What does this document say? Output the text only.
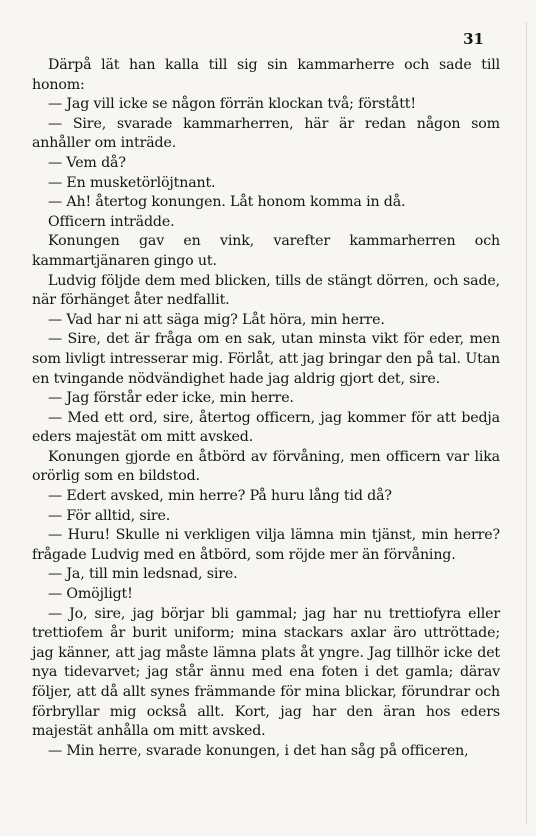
31

Därpå lät han kalla till sig sin kammarherre och sade till honom:

— Jag vill icke se någon förrän klockan två; förstått!

— Sire, svarade kammarherren, här är redan någon som anhåller om inträde.

— Vem då?

— En musketörlöjtnant.

— Ah! återtog konungen. Låt honom komma in då.

Officern inträdde.

Konungen gav en vink, varefter kammarherren och kammartjänaren gingo ut.

Ludvig följde dem med blicken, tills de stängt dörren, och sade, när förhänget åter nedfallit.

— Vad har ni att säga mig? Låt höra, min herre.

— Sire, det är fråga om en sak, utan minsta vikt för eder, men som livligt intresserar mig. Förlåt, att jag bringar den på tal. Utan en tvingande nödvändighet hade jag aldrig gjort det, sire.

— Jag förstår eder icke, min herre.

— Med ett ord, sire, återtog officern, jag kommer för att bedja eders majestät om mitt avsked.

Konungen gjorde en åtbörd av förvåning, men officern var lika orörlig som en bildstod.

— Edert avsked, min herre? På huru lång tid då?

— För alltid, sire.

— Huru! Skulle ni verkligen vilja lämna min tjänst, min herre? frågade Ludvig med en åtbörd, som röjde mer än förvåning.

— Ja, till min ledsnad, sire.

— Omöjligt!

— Jo, sire, jag börjar bli gammal; jag har nu trettiofyra eller trettiofem år burit uniform; mina stackars axlar äro uttröttade; jag känner, att jag måste lämna plats åt yngre. Jag tillhör icke det nya tidevarvet; jag står ännu med ena foten i det gamla; därav följer, att då allt synes främmande för mina blickar, förundrar och förbryllar mig också allt. Kort, jag har den äran hos eders majestät anhålla om mitt avsked.

— Min herre, svarade konungen, i det han såg på officeren,
